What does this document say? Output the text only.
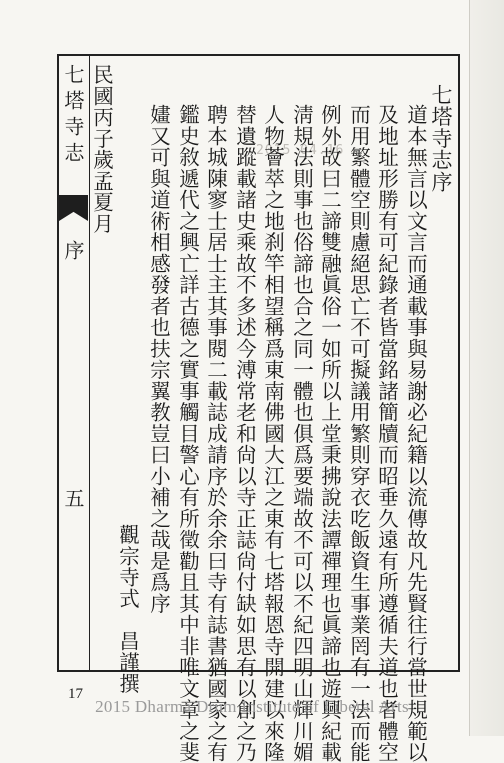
七塔寺志
序
五
2015.04.16	七塔寺志序
道本無言以文言而通載事與易謝必紀籍以流傳故凡先賢往行當世規範以
及地址形勝有可紀錄者皆當銘諸簡牘而昭垂久遠有所遵循夫道也者體空
而用繁體空則慮絕思亡不可擬議用繁則穿衣吃飯資生事業罔有一法而能
例外故曰二諦雙融眞俗一如所以上堂秉拂說法譚禪理也眞諦也遊興紀載
淸規法則事也俗諦也合之同一體也俱爲要端故不可以不紀四明山輝川媚
人物薈萃之地刹竿相望稱爲東南佛國大江之東有七塔報恩寺開建以來隆
替遺蹤載諸史乘故不多述今溥常老和尙以寺正誌尙付缺如思有以創之乃
聘本城陳寥士居士主其事閱二載誌成請序於余余曰寺有誌書猶國家之有
鑑史敘遞代之興亡詳古德之實事觸目警心有所徵勸且其中非唯文章之斐
嫿又可與道術相感發者也扶宗翼教豈曰小補之哉是爲序
觀宗寺式　昌謹撰
民國丙子歲孟夏月
17
2015 Dharma Drum Institute of Liberal Arts
